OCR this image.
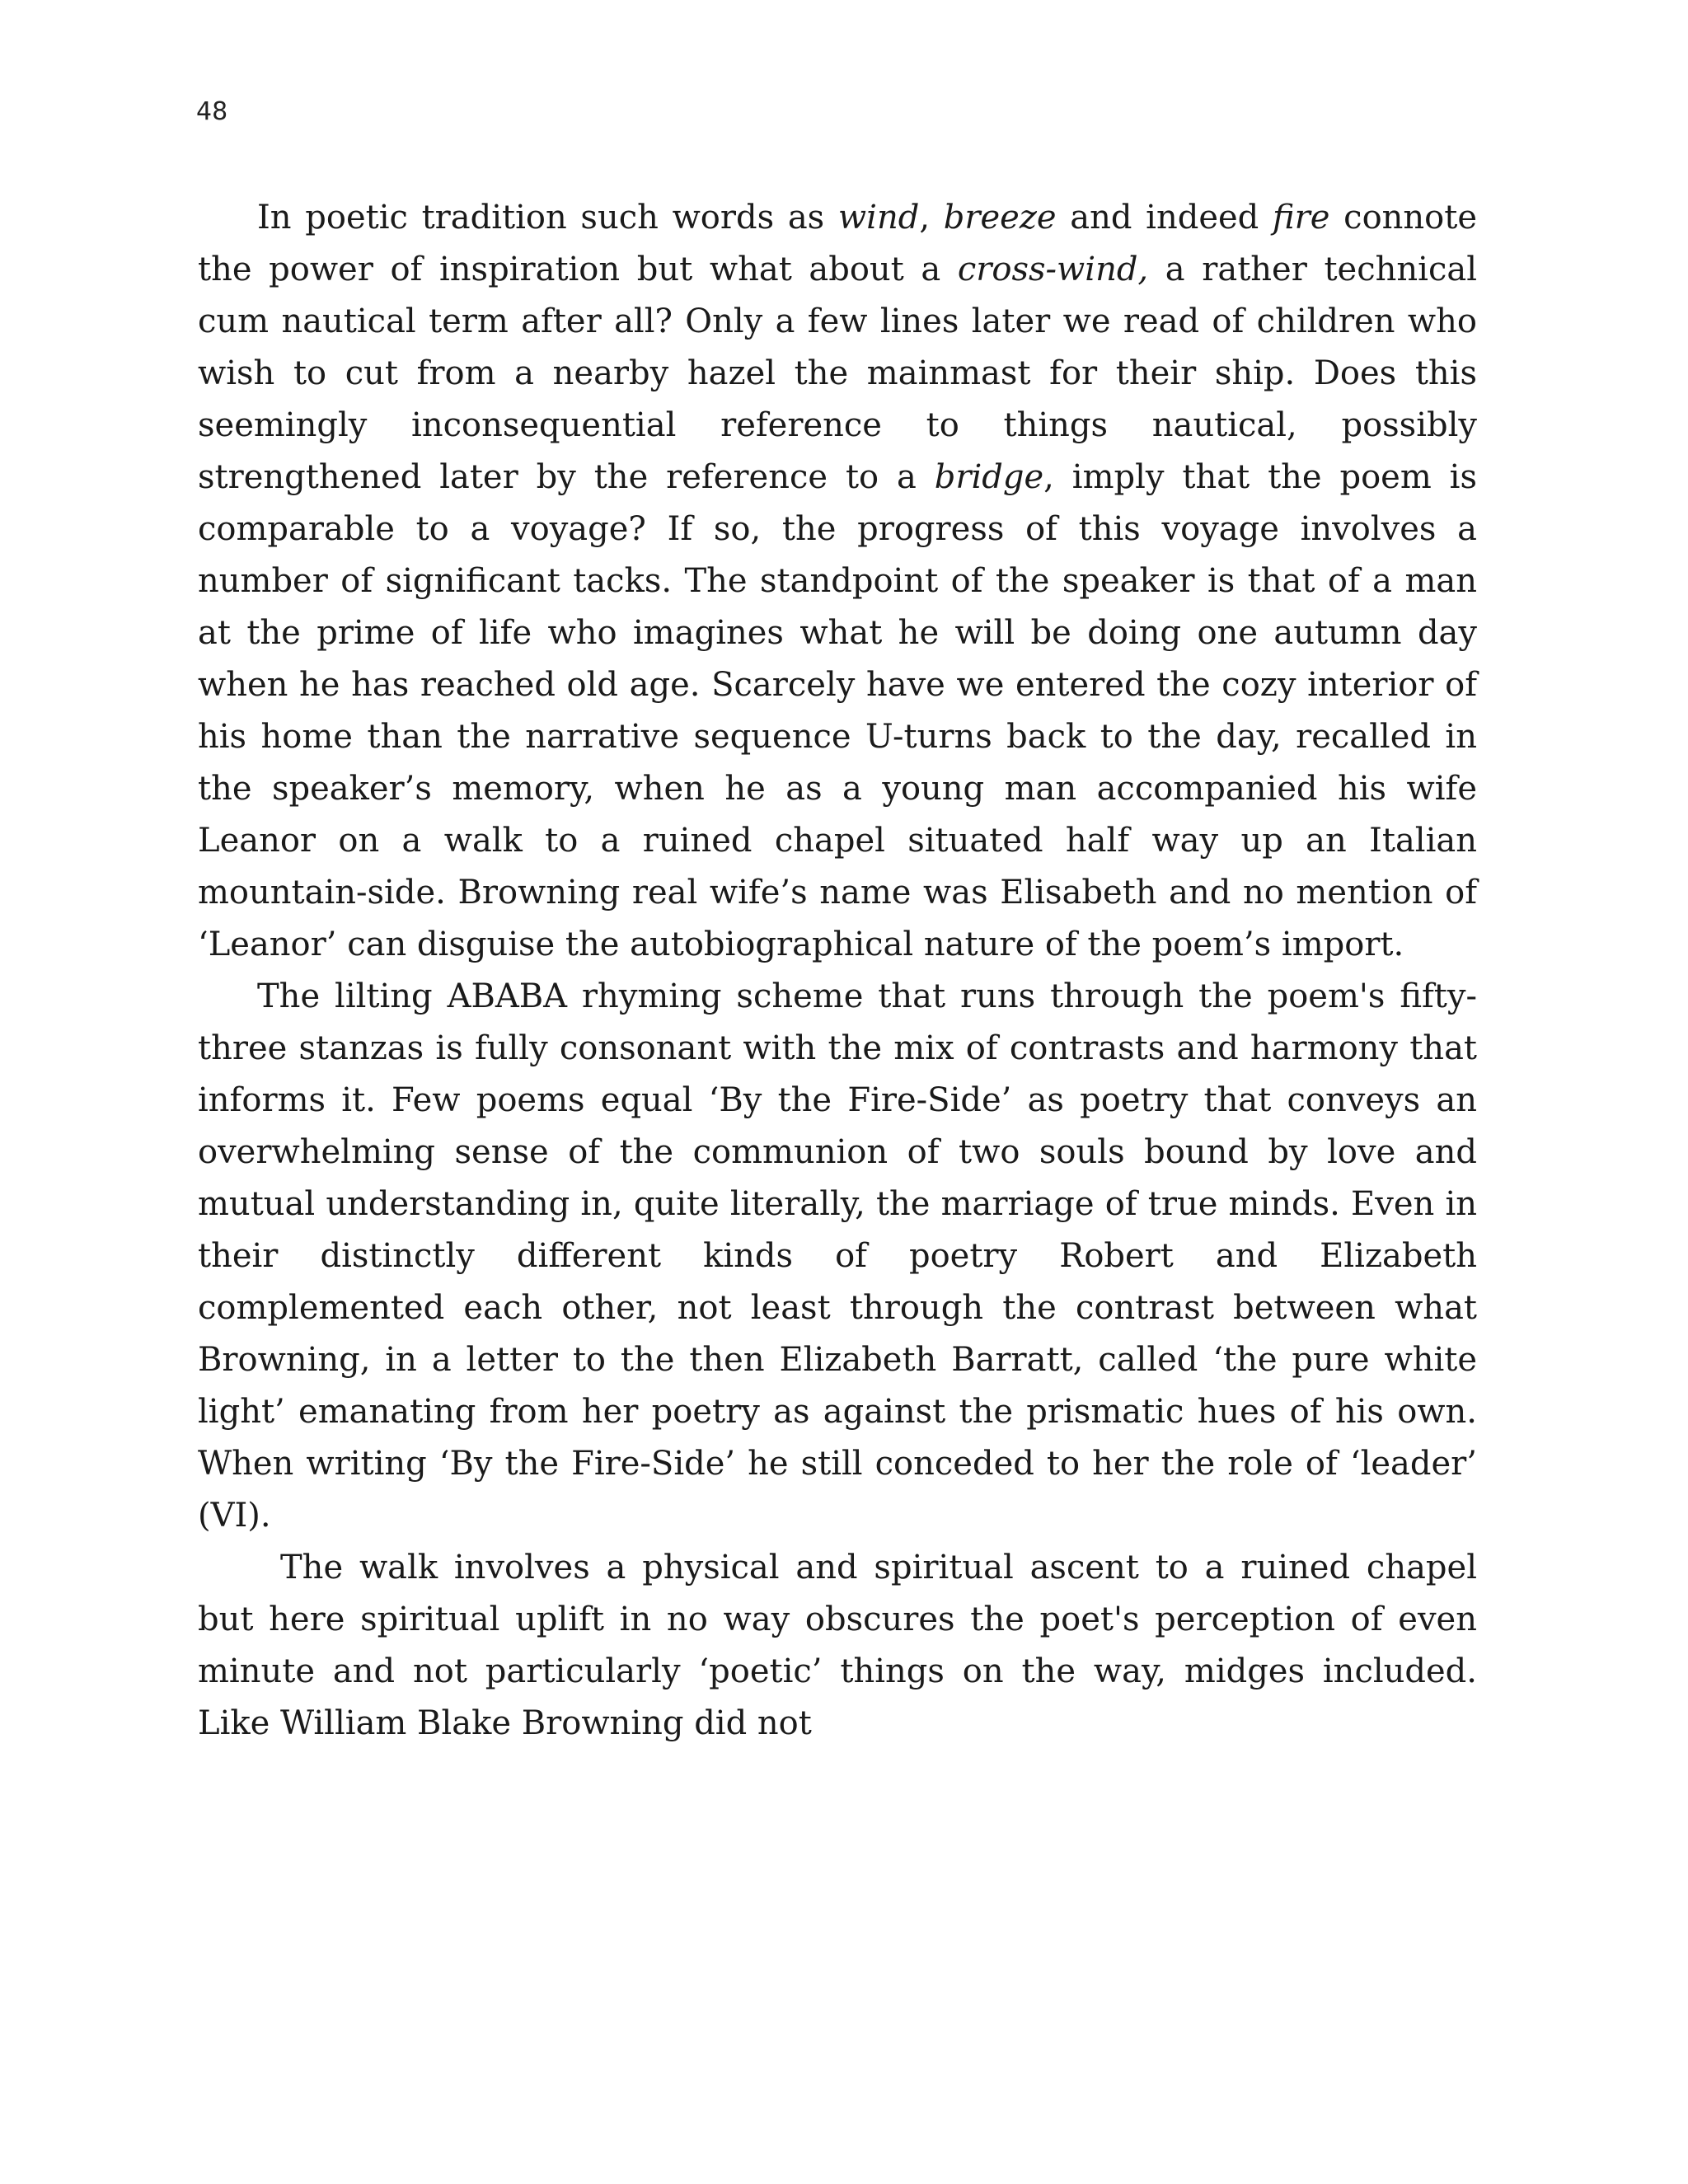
48

In poetic tradition such words as wind, breeze and indeed fire connote the power of inspiration but what about a cross-wind, a rather technical cum nautical term after all? Only a few lines later we read of children who wish to cut from a nearby hazel the mainmast for their ship. Does this seemingly inconsequential reference to things nautical, possibly strengthened later by the reference to a bridge, imply that the poem is comparable to a voyage? If so, the progress of this voyage involves a number of significant tacks. The standpoint of the speaker is that of a man at the prime of life who imagines what he will be doing one autumn day when he has reached old age. Scarcely have we entered the cozy interior of his home than the narrative sequence U-turns back to the day, recalled in the speaker’s memory, when he as a young man accompanied his wife Leanor on a walk to a ruined chapel situated half way up an Italian mountain-side. Browning real wife’s name was Elisabeth and no mention of ‘Leanor’ can disguise the autobiographical nature of the poem’s import.

The lilting ABABA rhyming scheme that runs through the poem's fifty-three stanzas is fully consonant with the mix of contrasts and harmony that informs it. Few poems equal ‘By the Fire-Side’ as poetry that conveys an overwhelming sense of the communion of two souls bound by love and mutual understanding in, quite literally, the marriage of true minds. Even in their distinctly different kinds of poetry Robert and Elizabeth complemented each other, not least through the contrast between what Browning, in a letter to the then Elizabeth Barratt, called ‘the pure white light’ emanating from her poetry as against the prismatic hues of his own. When writing ‘By the Fire-Side’ he still conceded to her the role of ‘leader’ (VI).

The walk involves a physical and spiritual ascent to a ruined chapel but here spiritual uplift in no way obscures the poet's perception of even minute and not particularly ‘poetic’ things on the way, midges included. Like William Blake Browning did not
